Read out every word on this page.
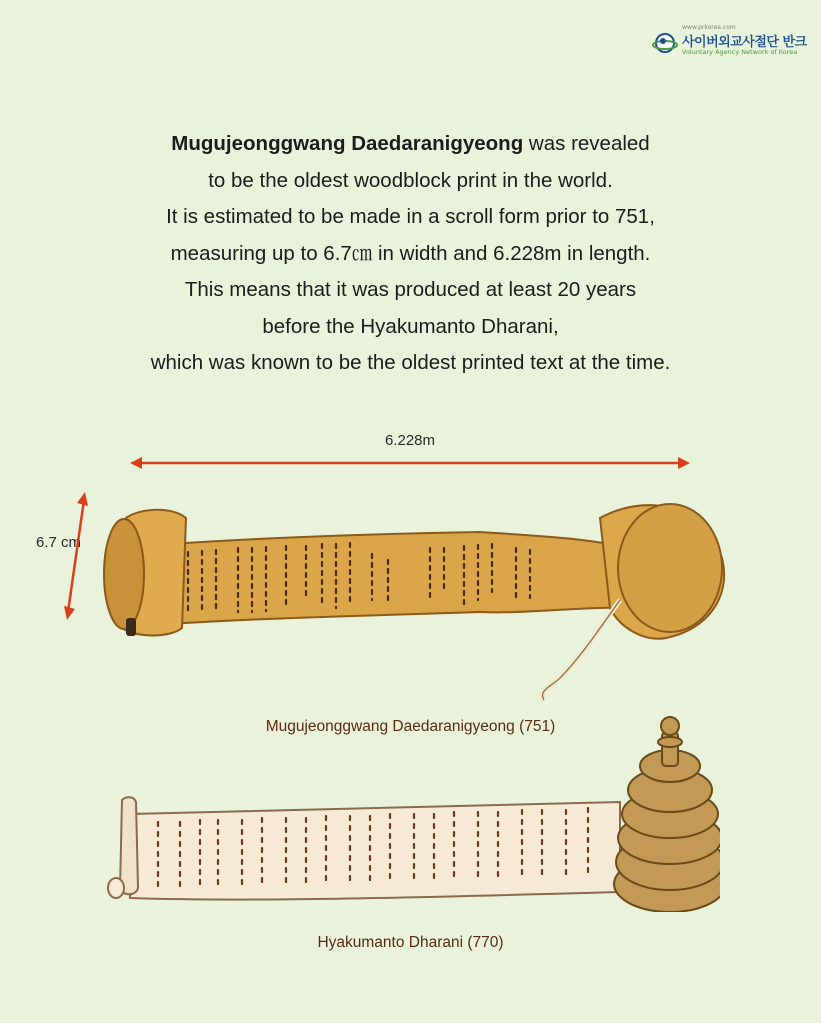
www.prkorea.com
사이버외교사절단 반크
Voluntary Agency Network of Korea
Mugujeonggwang Daedaranigyeong was revealed
to be the oldest woodblock print in the world.
It is estimated to be made in a scroll form prior to 751,
measuring up to 6.7㎝ in width and 6.228m in length.
This means that it was produced at least 20 years
before the Hyakumanto Dharani,
which was known to be the oldest printed text at the time.
6.228m
6.7 cm
Mugujeonggwang Daedaranigyeong (751)
Hyakumanto Dharani (770)
